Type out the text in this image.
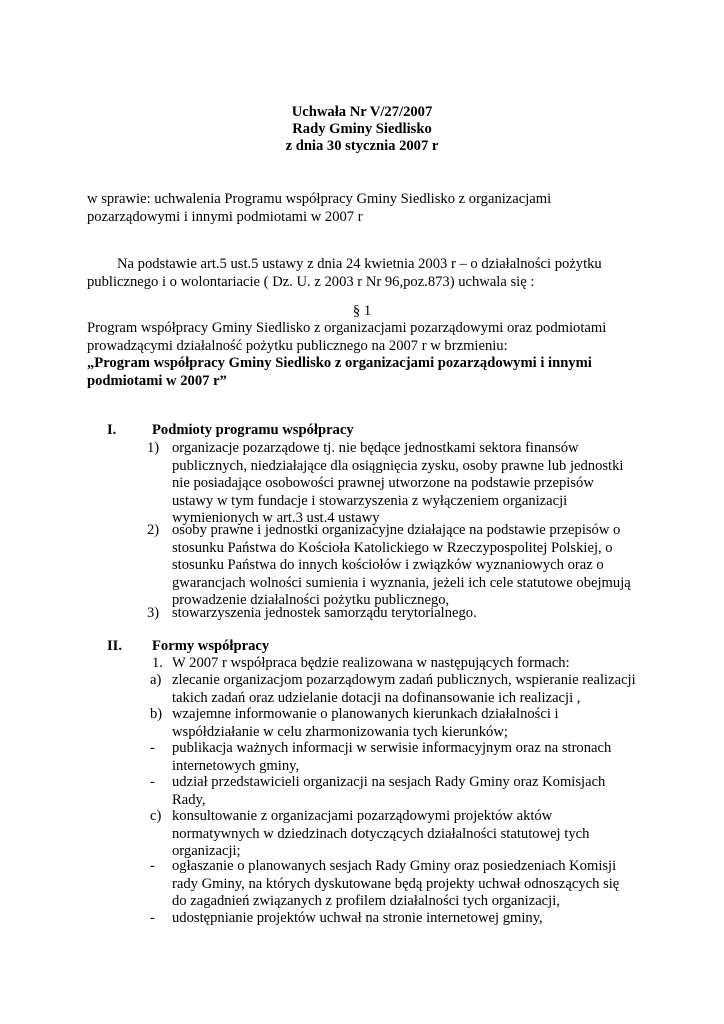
Uchwała Nr V/27/2007
Rady Gminy Siedlisko
z dnia 30 stycznia 2007 r
w sprawie: uchwalenia Programu współpracy Gminy Siedlisko z organizacjami
pozarządowymi i innymi podmiotami w 2007 r
Na podstawie art.5 ust.5 ustawy z dnia 24 kwietnia 2003 r – o działalności pożytku
publicznego i o wolontariacie ( Dz. U. z 2003 r Nr 96,poz.873) uchwala się :
§ 1
Program współpracy Gminy Siedlisko z organizacjami pozarządowymi oraz podmiotami
prowadzącymi działalność pożytku publicznego na 2007 r w brzmieniu:
„Program współpracy Gminy Siedlisko z organizacjami pozarządowymi i innymi
podmiotami w 2007 r”
I. Podmioty programu współpracy
1) organizacje pozarządowe tj. nie będące jednostkami sektora finansów
publicznych, niedziałające dla osiągnięcia zysku, osoby prawne lub jednostki
nie posiadające osobowości prawnej utworzone na podstawie przepisów
ustawy w tym fundacje i stowarzyszenia z wyłączeniem organizacji
wymienionych w art.3 ust.4 ustawy
2) osoby prawne i jednostki organizacyjne działające na podstawie przepisów o
stosunku Państwa do Kościoła Katolickiego w Rzeczypospolitej Polskiej, o
stosunku Państwa do innych kościołów i związków wyznaniowych oraz o
gwarancjach wolności sumienia i wyznania, jeżeli ich cele statutowe obejmują
prowadzenie działalności pożytku publicznego,
3) stowarzyszenia jednostek samorządu terytorialnego.
II. Formy współpracy
1. W 2007 r współpraca będzie realizowana w następujących formach:
a) zlecanie organizacjom pozarządowym zadań publicznych, wspieranie realizacji
takich zadań oraz udzielanie dotacji na dofinansowanie ich realizacji ,
b) wzajemne informowanie o planowanych kierunkach działalności i
współdziałanie w celu zharmonizowania tych kierunków;
- publikacja ważnych informacji w serwisie informacyjnym oraz na stronach
internetowych gminy,
- udział przedstawicieli organizacji na sesjach Rady Gminy oraz Komisjach
Rady,
c) konsultowanie z organizacjami pozarządowymi projektów aktów
normatywnych w dziedzinach dotyczących działalności statutowej tych
organizacji;
- ogłaszanie o planowanych sesjach Rady Gminy oraz posiedzeniach Komisji
rady Gminy, na których dyskutowane będą projekty uchwał odnoszących się
do zagadnień związanych z profilem działalności tych organizacji,
- udostępnianie projektów uchwał na stronie internetowej gminy,
